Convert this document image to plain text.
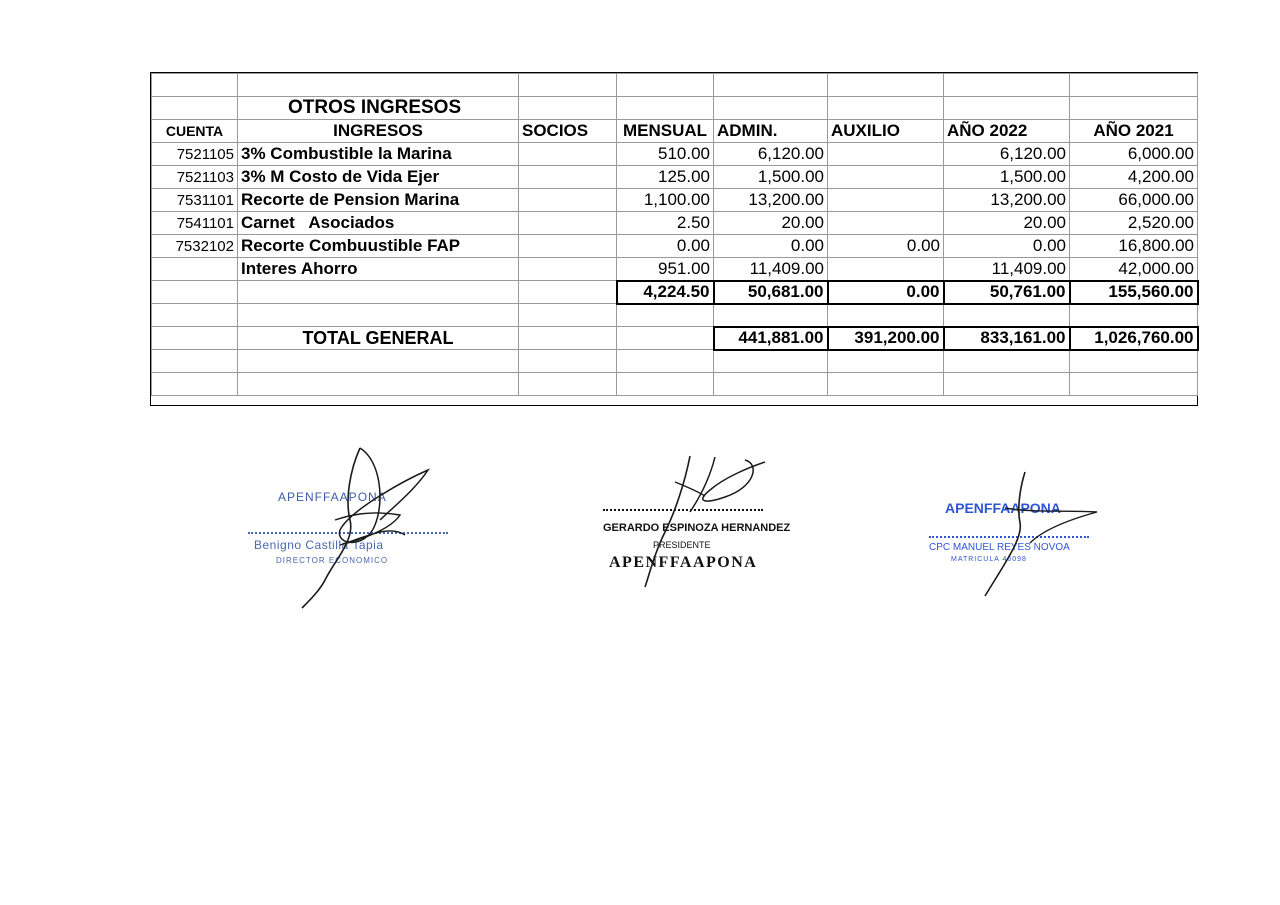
	OTROS INGRESOS						
CUENTA	INGRESOS	SOCIOS	MENSUAL	ADMIN.	AUXILIO	AÑO 2022	AÑO 2021
7521105	3% Combustible la Marina		510.00	6,120.00		6,120.00	6,000.00
7521103	3% M Costo de Vida Ejer		125.00	1,500.00		1,500.00	4,200.00
7531101	Recorte de Pension Marina		1,100.00	13,200.00		13,200.00	66,000.00
7541101	Carnet   Asociados		2.50	20.00		20.00	2,520.00
7532102	Recorte Combuustible FAP		0.00	0.00	0.00	0.00	16,800.00
	Interes Ahorro		951.00	11,409.00		11,409.00	42,000.00
			4,224.50	50,681.00	0.00	50,761.00	155,560.00

	TOTAL GENERAL			441,881.00	391,200.00	833,161.00	1,026,760.00

APENFFAAPONA
Benigno Castilla Tapia
DIRECTOR ECONOMICO
GERARDO ESPINOZA HERNANDEZ
PRESIDENTE
APENFFAAPONA
APENFFAAPONA
CPC MANUEL REYES NOVOA
MATRICULA 46098
